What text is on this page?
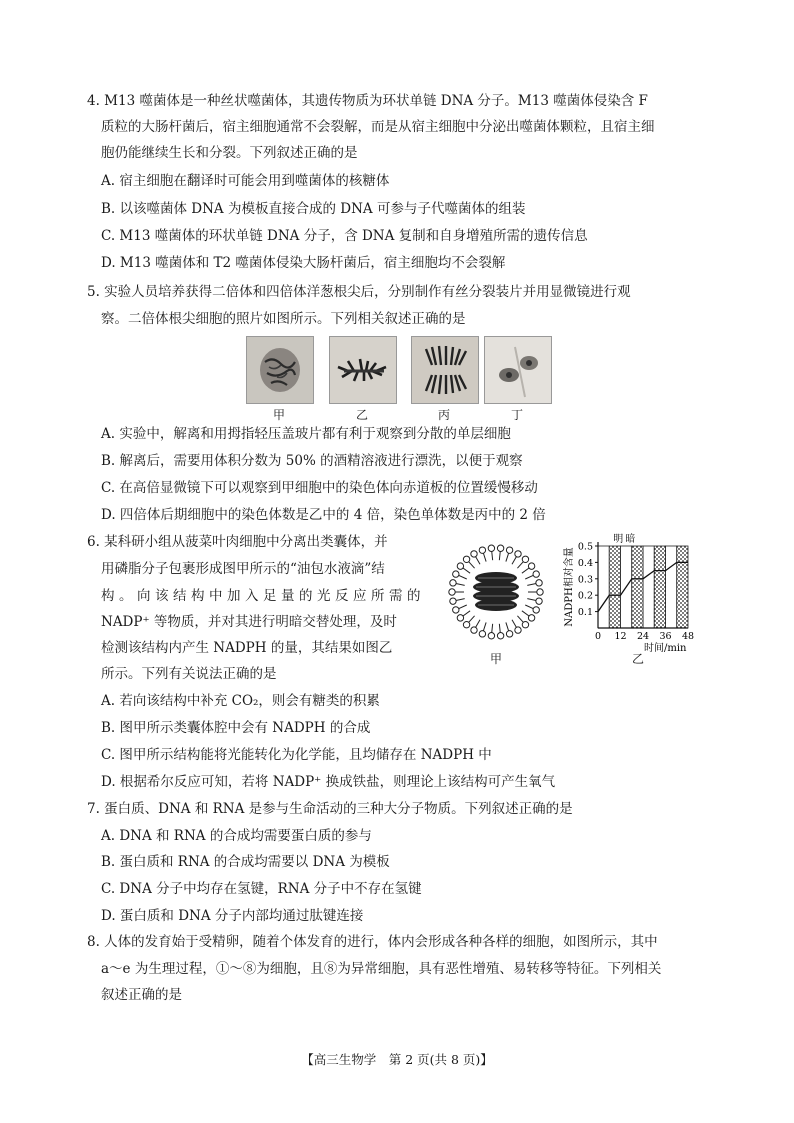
4. M13 噬菌体是一种丝状噬菌体，其遗传物质为环状单链 DNA 分子。M13 噬菌体侵染含 F
质粒的大肠杆菌后，宿主细胞通常不会裂解，而是从宿主细胞中分泌出噬菌体颗粒，且宿主细
胞仍能继续生长和分裂。下列叙述正确的是
A. 宿主细胞在翻译时可能会用到噬菌体的核糖体
B. 以该噬菌体 DNA 为模板直接合成的 DNA 可参与子代噬菌体的组装
C. M13 噬菌体的环状单链 DNA 分子，含 DNA 复制和自身增殖所需的遗传信息
D. M13 噬菌体和 T2 噬菌体侵染大肠杆菌后，宿主细胞均不会裂解
5. 实验人员培养获得二倍体和四倍体洋葱根尖后，分别制作有丝分裂装片并用显微镜进行观
察。二倍体根尖细胞的照片如图所示。下列相关叙述正确的是
甲	乙	丙	丁
A. 实验中，解离和用拇指轻压盖玻片都有利于观察到分散的单层细胞
B. 解离后，需要用体积分数为 50% 的酒精溶液进行漂洗，以便于观察
C. 在高倍显微镜下可以观察到甲细胞中的染色体向赤道板的位置缓慢移动
D. 四倍体后期细胞中的染色体数是乙中的 4 倍，染色单体数是丙中的 2 倍
6. 某科研小组从菠菜叶肉细胞中分离出类囊体，并
用磷脂分子包裹形成图甲所示的“油包水液滴”结
构。向该结构中加入足量的光反应所需的
NADP⁺ 等物质，并对其进行明暗交替处理，及时
检测该结构内产生 NADPH 的量，其结果如图乙
所示。下列有关说法正确的是
甲
0.1
0.2
0.3
0.4
0.5
0 12 24 36 48
NADPH相对含量
明 暗
时间/min
乙
A. 若向该结构中补充 CO₂，则会有糖类的积累
B. 图甲所示类囊体腔中会有 NADPH 的合成
C. 图甲所示结构能将光能转化为化学能，且均储存在 NADPH 中
D. 根据希尔反应可知，若将 NADP⁺ 换成铁盐，则理论上该结构可产生氧气
7. 蛋白质、DNA 和 RNA 是参与生命活动的三种大分子物质。下列叙述正确的是
A. DNA 和 RNA 的合成均需要蛋白质的参与
B. 蛋白质和 RNA 的合成均需要以 DNA 为模板
C. DNA 分子中均存在氢键，RNA 分子中不存在氢键
D. 蛋白质和 DNA 分子内部均通过肽键连接
8. 人体的发育始于受精卵，随着个体发育的进行，体内会形成各种各样的细胞，如图所示，其中
a～e 为生理过程，①～⑧为细胞，且⑧为异常细胞，具有恶性增殖、易转移等特征。下列相关
叙述正确的是
【高三生物学　第 2 页(共 8 页)】
